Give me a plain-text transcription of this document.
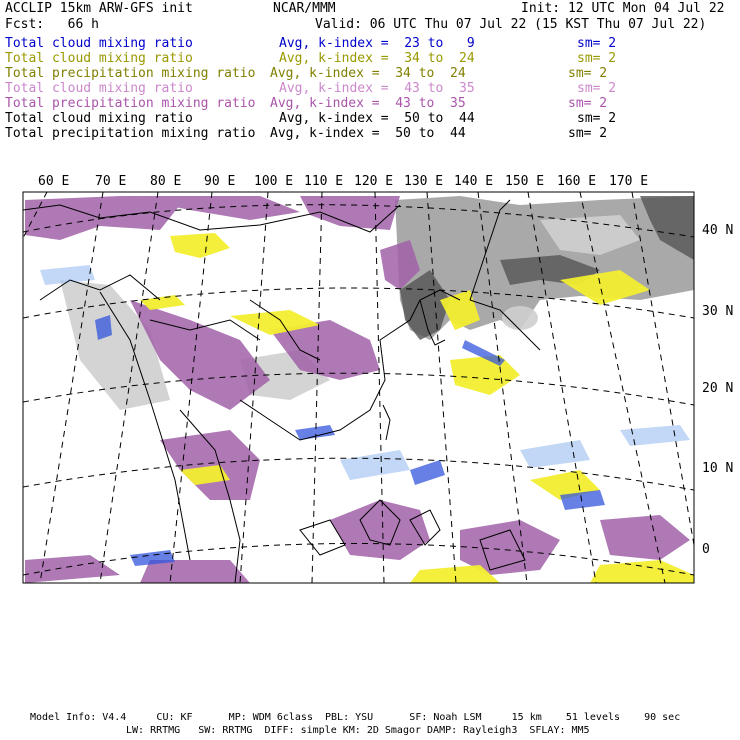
ACCLIP 15km ARW-GFS init	NCAR/MMM	Init: 12 UTC Mon 04 Jul 22
Fcst:   66 h	Valid: 06 UTC Thu 07 Jul 22 (15 KST Thu 07 Jul 22)
Total cloud mixing ratio	Avg, k-index =  23 to   9	sm= 2
Total cloud mixing ratio	Avg, k-index =  34 to  24	sm= 2
Total precipitation mixing ratio Avg, k-index =  34 to  24	sm= 2
Total cloud mixing ratio	Avg, k-index =  43 to  35	sm= 2
Total precipitation mixing ratio Avg, k-index =  43 to  35	sm= 2
Total cloud mixing ratio	Avg, k-index =  50 to  44	sm= 2
Total precipitation mixing ratio Avg, k-index =  50 to  44	sm= 2
60 E 70 E 80 E 90 E 100 E 110 E 120 E 130 E 140 E 150 E 160 E 170 E
40 N
30 N
20 N
10 N
0
Model Info: V4.4     CU: KF      MP: WDM 6class  PBL: YSU      SF: Noah LSM     15 km    51 levels    90 sec
LW: RRTMG   SW: RRTMG  DIFF: simple KM: 2D Smagor DAMP: Rayleigh3  SFLAY: MM5
